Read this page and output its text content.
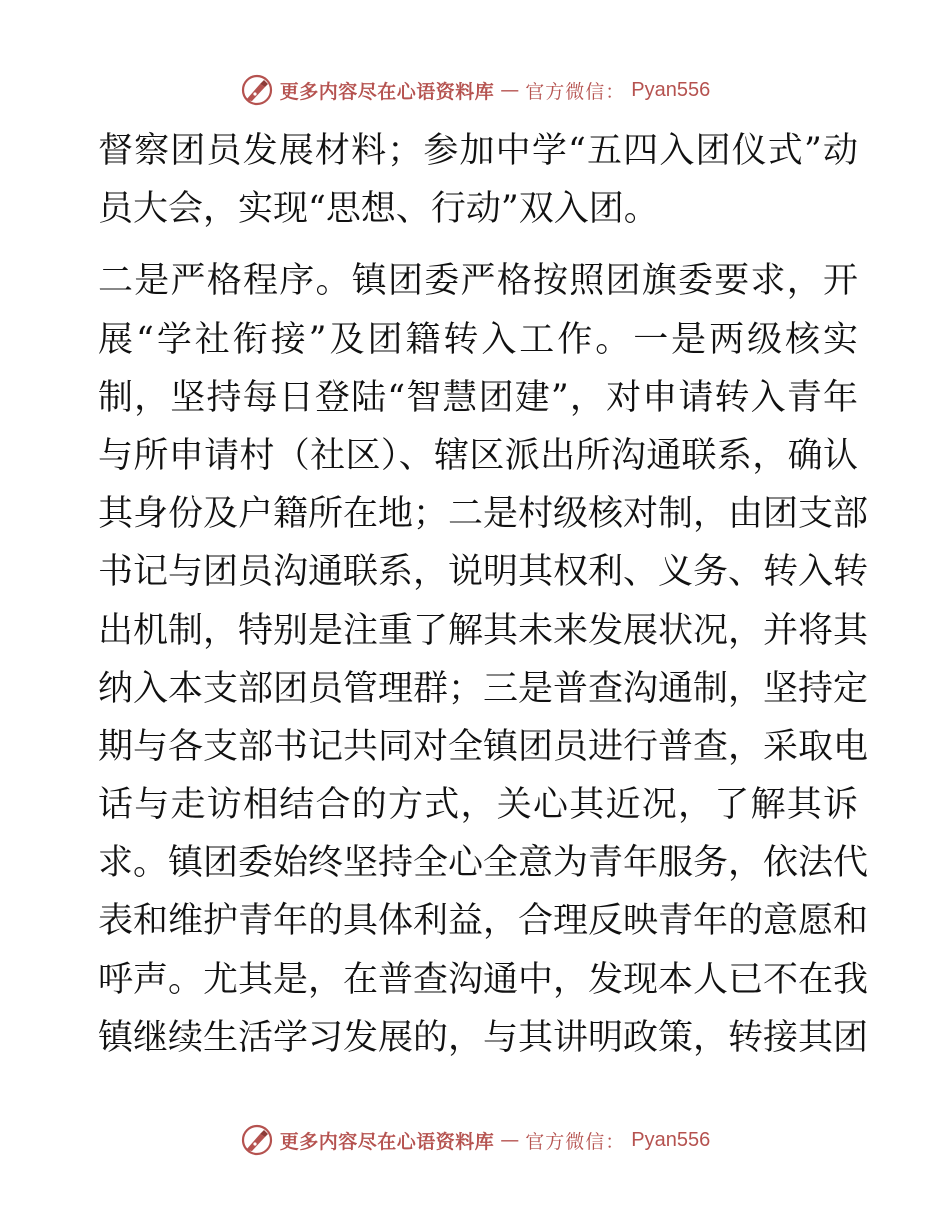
更多内容尽在心语资料库 — 官方微信： Pyan556
督察团员发展材料；参加中学“五四入团仪式”动
员大会，实现“思想、行动”双入团。
二是严格程序。镇团委严格按照团旗委要求，开
展“学社衔接”及团籍转入工作。一是两级核实
制，坚持每日登陆“智慧团建”，对申请转入青年
与所申请村（社区）、辖区派出所沟通联系，确认
其身份及户籍所在地；二是村级核对制，由团支部
书记与团员沟通联系，说明其权利、义务、转入转
出机制，特别是注重了解其未来发展状况，并将其
纳入本支部团员管理群；三是普查沟通制，坚持定
期与各支部书记共同对全镇团员进行普查，采取电
话与走访相结合的方式，关心其近况，了解其诉
求。镇团委始终坚持全心全意为青年服务，依法代
表和维护青年的具体利益，合理反映青年的意愿和
呼声。尤其是，在普查沟通中，发现本人已不在我
镇继续生活学习发展的，与其讲明政策，转接其团
更多内容尽在心语资料库 — 官方微信： Pyan556
